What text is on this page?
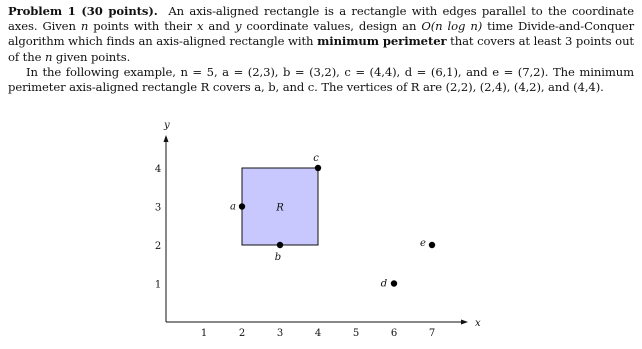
Problem 1 (30 points). An axis-aligned rectangle is a rectangle with edges parallel to the coordinate axes. Given n points with their x and y coordinate values, design an O(n log n) time Divide-and-Conquer algorithm which finds an axis-aligned rectangle with minimum perimeter that covers at least 3 points out of the n given points.

In the following example, n = 5, a = (2,3), b = (3,2), c = (4,4), d = (6,1), and e = (7,2). The minimum perimeter axis-aligned rectangle R covers a, b, and c. The vertices of R are (2,2), (2,4), (4,2), and (4,4).

x
y
1	2	3	4	5	6	7
1
2
3
4
R
a
b
c
d
e
